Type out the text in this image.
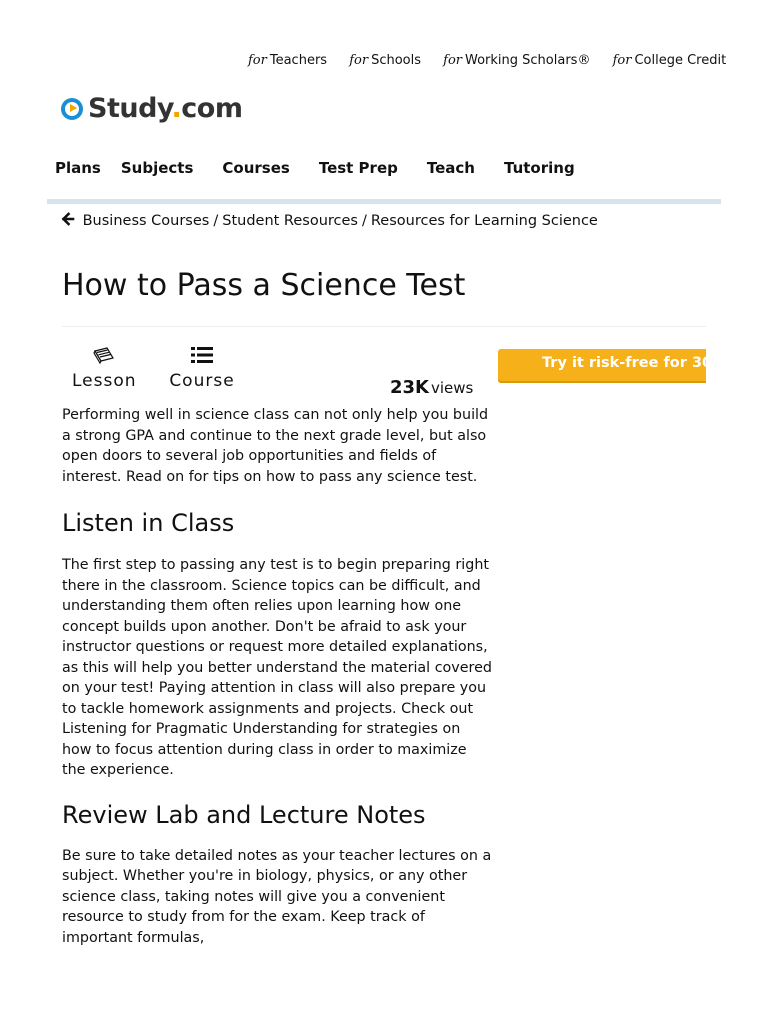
for Teachers for Schools for Working Scholars® for College Credit
Study.com
Plans Subjects Courses Test Prep Teach Tutoring
Business Courses / Student Resources / Resources for Learning Science
How to Pass a Science Test
Lesson Course	23K views
Try it risk-free for 30 days

Performing well in science class can not only help you build a strong GPA and continue to the next grade level, but also open doors to several job opportunities and fields of interest. Read on for tips on how to pass any science test.

Listen in Class

The first step to passing any test is to begin preparing right there in the classroom. Science topics can be difficult, and understanding them often relies upon learning how one concept builds upon another. Don't be afraid to ask your instructor questions or request more detailed explanations, as this will help you better understand the material covered on your test! Paying attention in class will also prepare you to tackle homework assignments and projects. Check out Listening for Pragmatic Understanding for strategies on how to focus attention during class in order to maximize the experience.

Review Lab and Lecture Notes

Be sure to take detailed notes as your teacher lectures on a subject. Whether you're in biology, physics, or any other science class, taking notes will give you a convenient resource to study from for the exam. Keep track of important formulas,
